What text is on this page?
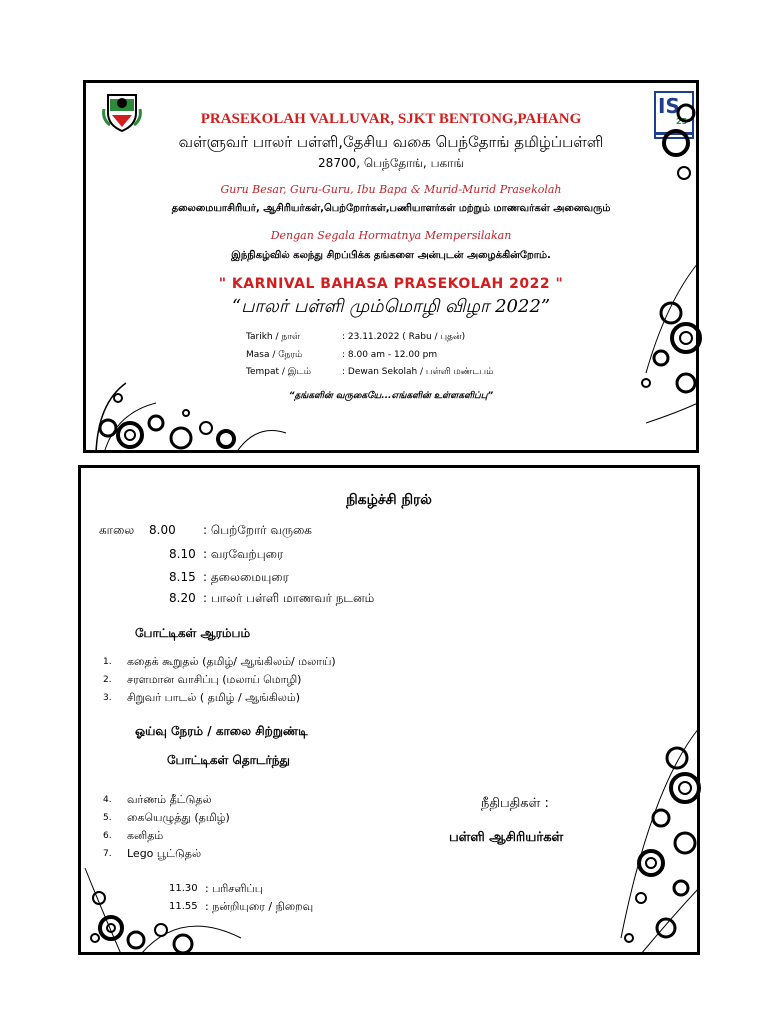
IS
25
PRASEKOLAH VALLUVAR, SJKT BENTONG,PAHANG
வள்ளுவர் பாலர் பள்ளி,தேசிய வகை பெந்தோங் தமிழ்ப்பள்ளி
28700, பெந்தோங், பகாங்
Guru Besar, Guru-Guru, Ibu Bapa & Murid-Murid Prasekolah
தலைமையாசிரியர், ஆசிரியர்கள்,பெற்றோர்கள்,பணியாளர்கள் மற்றும் மாணவர்கள் அனைவரும்
Dengan Segala Hormatnya Mempersilakan
இந்நிகழ்வில் கலந்து சிறப்பிக்க தங்களை அன்புடன் அழைக்கின்றோம்.
" KARNIVAL BAHASA PRASEKOLAH 2022 "
“பாலர் பள்ளி மும்மொழி விழா 2022”
Tarikh / நாள்	: 23.11.2022 ( Rabu / புதன்)
Masa / நேரம்	: 8.00 am - 12.00 pm
Tempat / இடம்	: Dewan Sekolah / பள்ளி மண்டபம்
“தங்களின் வருகையே...எங்களின் உள்ளகளிப்பு”
நிகழ்ச்சி நிரல்
காலை 8.00 : பெற்றோர் வருகை
8.10 : வரவேற்புரை
8.15 : தலைமையுரை
8.20 : பாலர் பள்ளி மாணவர் நடனம்
போட்டிகள் ஆரம்பம்
1. கதைக் கூறுதல் (தமிழ்/ ஆங்கிலம்/ மலாய்)
2. சரளமான வாசிப்பு (மலாய் மொழி)
3. சிறுவர் பாடல் ( தமிழ் / ஆங்கிலம்)
ஓய்வு நேரம் / காலை சிற்றுண்டி
போட்டிகள் தொடர்ந்து
4. வர்ணம் தீட்டுதல்
5. கையெழுத்து (தமிழ்)
6. கனிதம்
7. Lego பூட்டுதல்
நீதிபதிகள் :
பள்ளி ஆசிரியர்கள்
11.30 : பரிசளிப்பு
11.55 : நன்றியுரை / நிறைவு
